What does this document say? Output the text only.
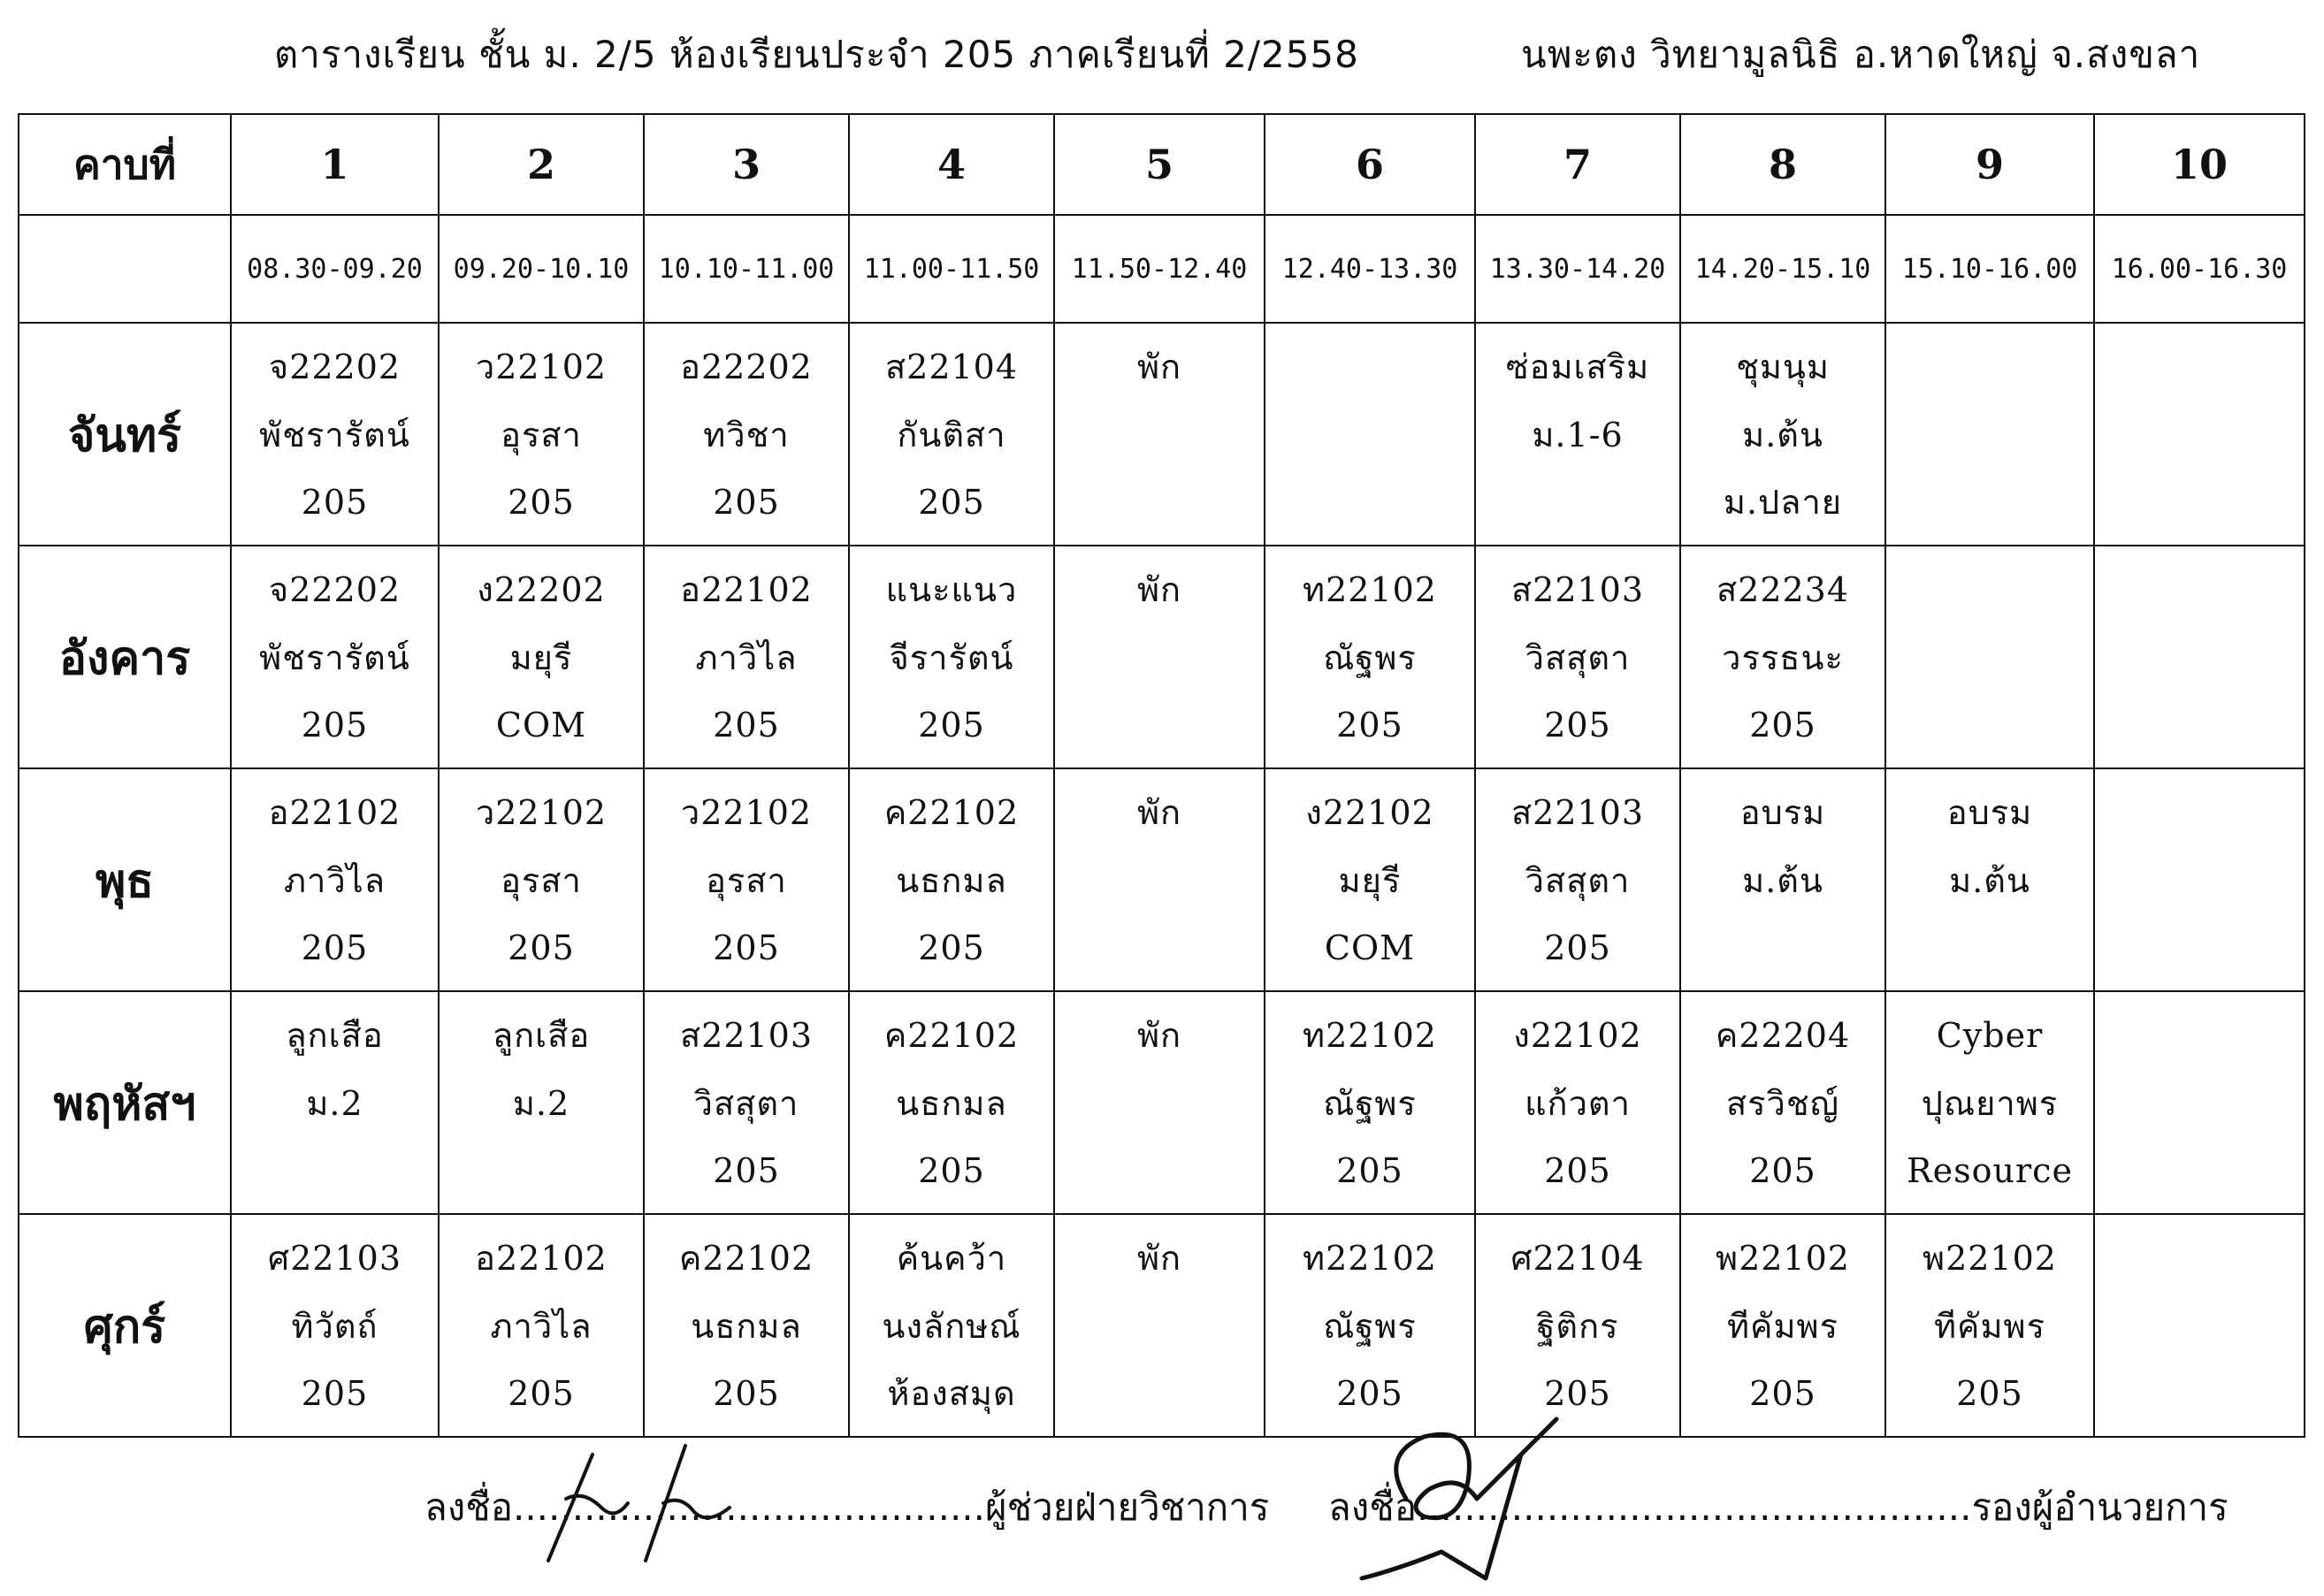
ตารางเรียน ชั้น ม. 2/5 ห้องเรียนประจำ 205 ภาคเรียนที่ 2/2558	นพะตง วิทยามูลนิธิ อ.หาดใหญ่ จ.สงขลา
คาบที่	1	2	3	4	5	6	7	8	9	10
	08.30-09.20	09.20-10.10	10.10-11.00	11.00-11.50	11.50-12.40	12.40-13.30	13.30-14.20	14.20-15.10	15.10-16.00	16.00-16.30
จันทร์	จ22202
พัชรารัตน์
205	ว22102
อุรสา
205	อ22202
ทวิชา
205	ส22104
กันติสา
205	พัก		ซ่อมเสริม
ม.1-6	ชุมนุม
ม.ต้น
ม.ปลาย		

อังคาร	จ22202
พัชรารัตน์
205	ง22202
มยุรี
COM	อ22102
ภาวิไล
205	แนะแนว
จีรารัตน์
205	พัก	ท22102
ณัฐพร
205	ส22103
วิสสุตา
205	ส22234
วรรธนะ
205		

พุธ	อ22102
ภาวิไล
205	ว22102
อุรสา
205	ว22102
อุรสา
205	ค22102
นธกมล
205	พัก	ง22102
มยุรี
COM	ส22103
วิสสุตา
205	อบรม
ม.ต้น	อบรม
ม.ต้น	

พฤหัสฯ	ลูกเสือ
ม.2	ลูกเสือ
ม.2	ส22103
วิสสุตา
205	ค22102
นธกมล
205	พัก	ท22102
ณัฐพร
205	ง22102
แก้วตา
205	ค22204
สรวิชญ์
205	Cyber
ปุณยาพร
Resource	

ศุกร์	ศ22103
ทิวัตถ์
205	อ22102
ภาวิไล
205	ค22102
นธกมล
205	ค้นคว้า
นงลักษณ์
ห้องสมุด	พัก	ท22102
ณัฐพร
205	ศ22104
ฐิติกร
205	พ22102
ทีคัมพร
205	พ22102
ทีคัมพร
205	

ลงชื่อ........................................ผู้ช่วยฝ่ายวิชาการ ลงชื่อ...............................................รองผู้อำนวยการ
